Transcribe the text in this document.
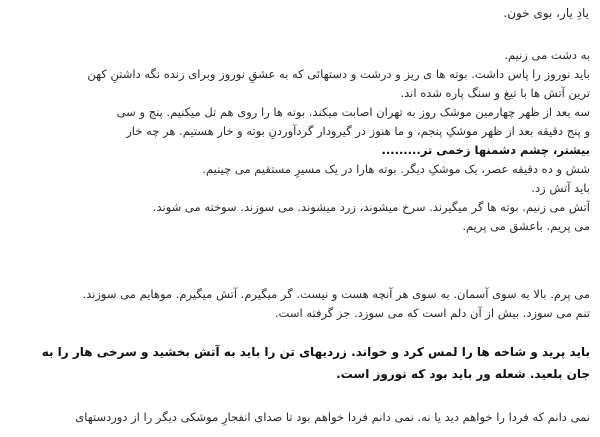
یادِ یار، بوی خون.
به دشت می زنیم.
باید نوروز را پاس داشت. بوته ها ی ریز و درشت و دستهائی که به عشقِ نوروز وبرای زنده نگه داشتنِ کهن
ترین آتش ها با تیغ و سنگ پاره شده اند.
سه بعد از ظهر چهارمین موشک روز به تهران اصابت میکند. بوته ها را روی هم تل میکنیم. پنج و سی
و پنج دقیقه بعد از ظهر موشکِ پنجم، و ما هنوز در گیرودار گردآوردنِ بوته و خار هستیم. هر چه خار
بیشتر، چشم دشمنها زخمی تر.........
شش و ده دقیقه عصر، یک موشکِ دیگر. بوته هارا در یک مسیرِ مستقیم می چینیم.
باید آتش زد.
آتش می زنیم. بوته ها گر میگیرند. سرخ میشوند، زرد میشوند. می سوزند. سوخته می شوند.
می پریم. باعشق می پریم.
می پرم. بالا به سوی آسمان. به سوی هر آنچه هست و نیست. گر میگیرم. آتش میگیرم. موهایم می سوزند.
تنم می سوزد. بیش از آن دلم است که می سوزد. جز گرفته است.
باید پرید و شاخه ها را لمس کرد و خواند. زردیهای تن را باید به آتش بخشید و سرخی هار را به
جان بلعید. شعله ور باید بود که نوروز است.
نمی دانم که فردا را خواهم دید یا نه. نمی دانم فردا خواهم بود تا صدای انفجارِ موشکی دیگر را از دوردستهای
